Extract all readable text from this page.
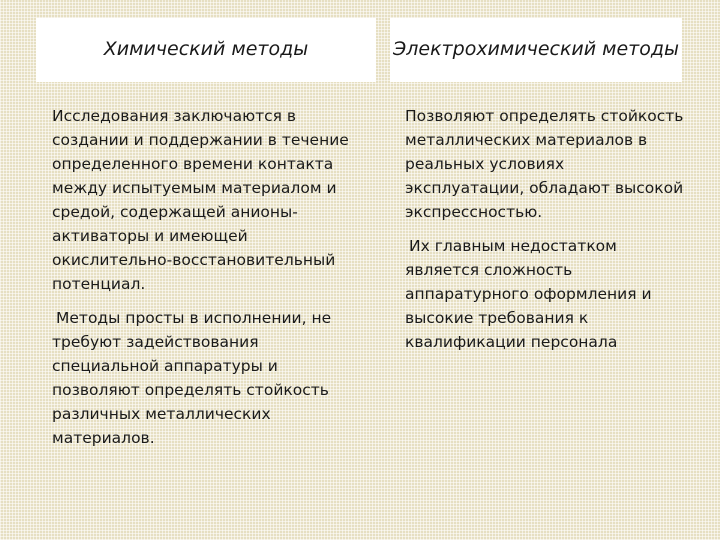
Химический методы	Электрохимический методы

Исследования заключаются в создании и поддержании в течение определенного времени контакта между испытуемым материалом и средой, содержащей анионы-активаторы и имеющей окислительно-восстановительный потенциал.

Методы просты в исполнении, не требуют задействования специальной аппаратуры и позволяют определять стойкость различных металлических материалов.

Позволяют определять стойкость металлических материалов в реальных условиях эксплуатации, обладают высокой экспрессностью.

Их главным недостатком является сложность аппаратурного оформления и высокие требования к квалификации персонала
